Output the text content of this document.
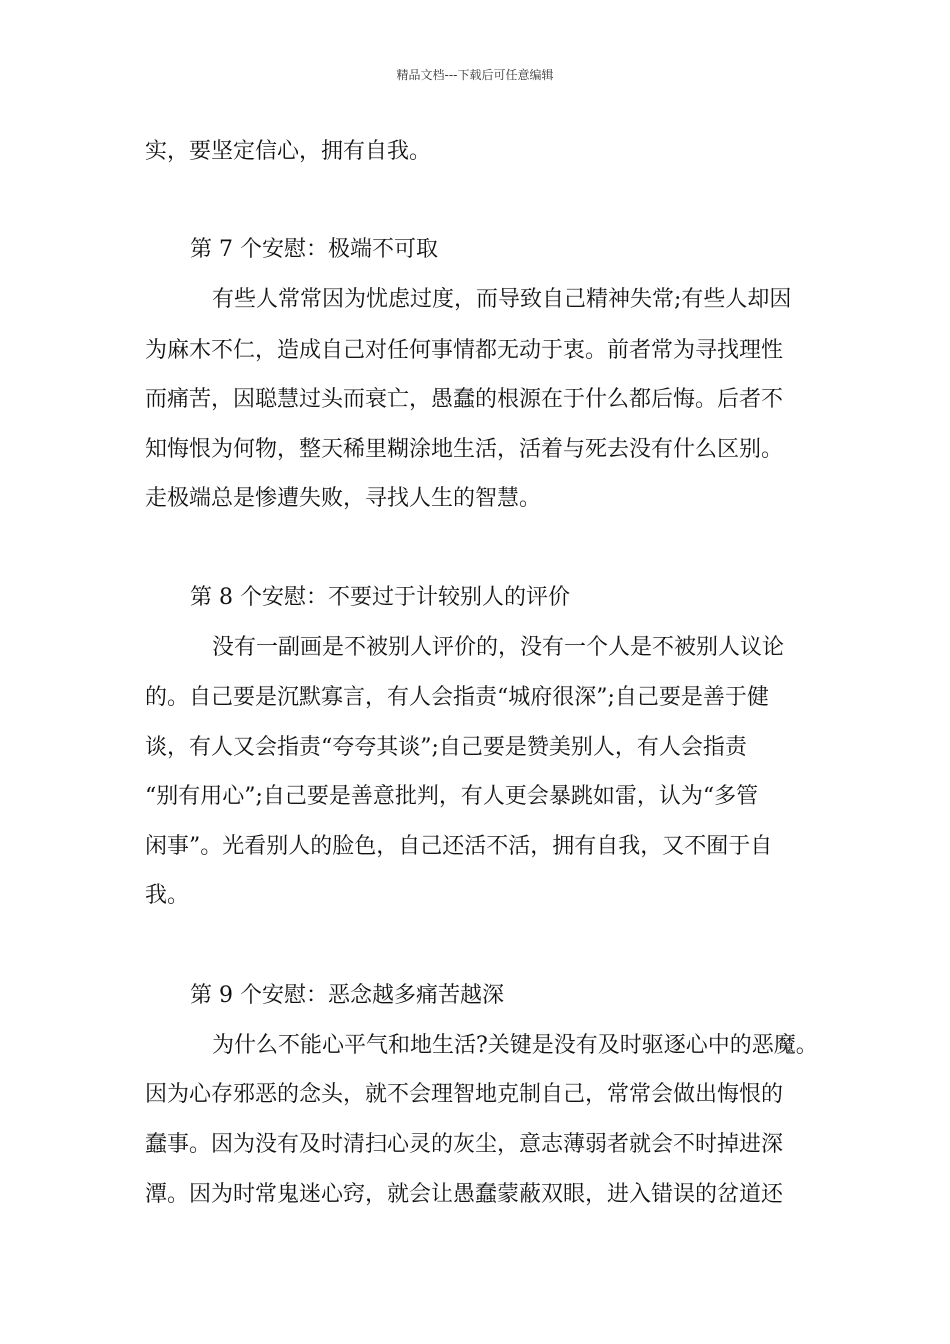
精品文档---下载后可任意编辑
实，要坚定信心，拥有自我。
第 7 个安慰：极端不可取
有些人常常因为忧虑过度，而导致自己精神失常;有些人却因
为麻木不仁，造成自己对任何事情都无动于衷。前者常为寻找理性
而痛苦，因聪慧过头而衰亡，愚蠢的根源在于什么都后悔。后者不
知悔恨为何物，整天稀里糊涂地生活，活着与死去没有什么区别。
走极端总是惨遭失败，寻找人生的智慧。
第 8 个安慰：不要过于计较别人的评价
没有一副画是不被别人评价的，没有一个人是不被别人议论
的。自己要是沉默寡言，有人会指责“城府很深”;自己要是善于健
谈，有人又会指责“夸夸其谈”;自己要是赞美别人，有人会指责
“别有用心”;自己要是善意批判，有人更会暴跳如雷，认为“多管
闲事”。光看别人的脸色，自己还活不活，拥有自我，又不囿于自
我。
第 9 个安慰：恶念越多痛苦越深
为什么不能心平气和地生活?关键是没有及时驱逐心中的恶魔。
因为心存邪恶的念头，就不会理智地克制自己，常常会做出悔恨的
蠢事。因为没有及时清扫心灵的灰尘，意志薄弱者就会不时掉进深
潭。因为时常鬼迷心窍，就会让愚蠢蒙蔽双眼，进入错误的岔道还
